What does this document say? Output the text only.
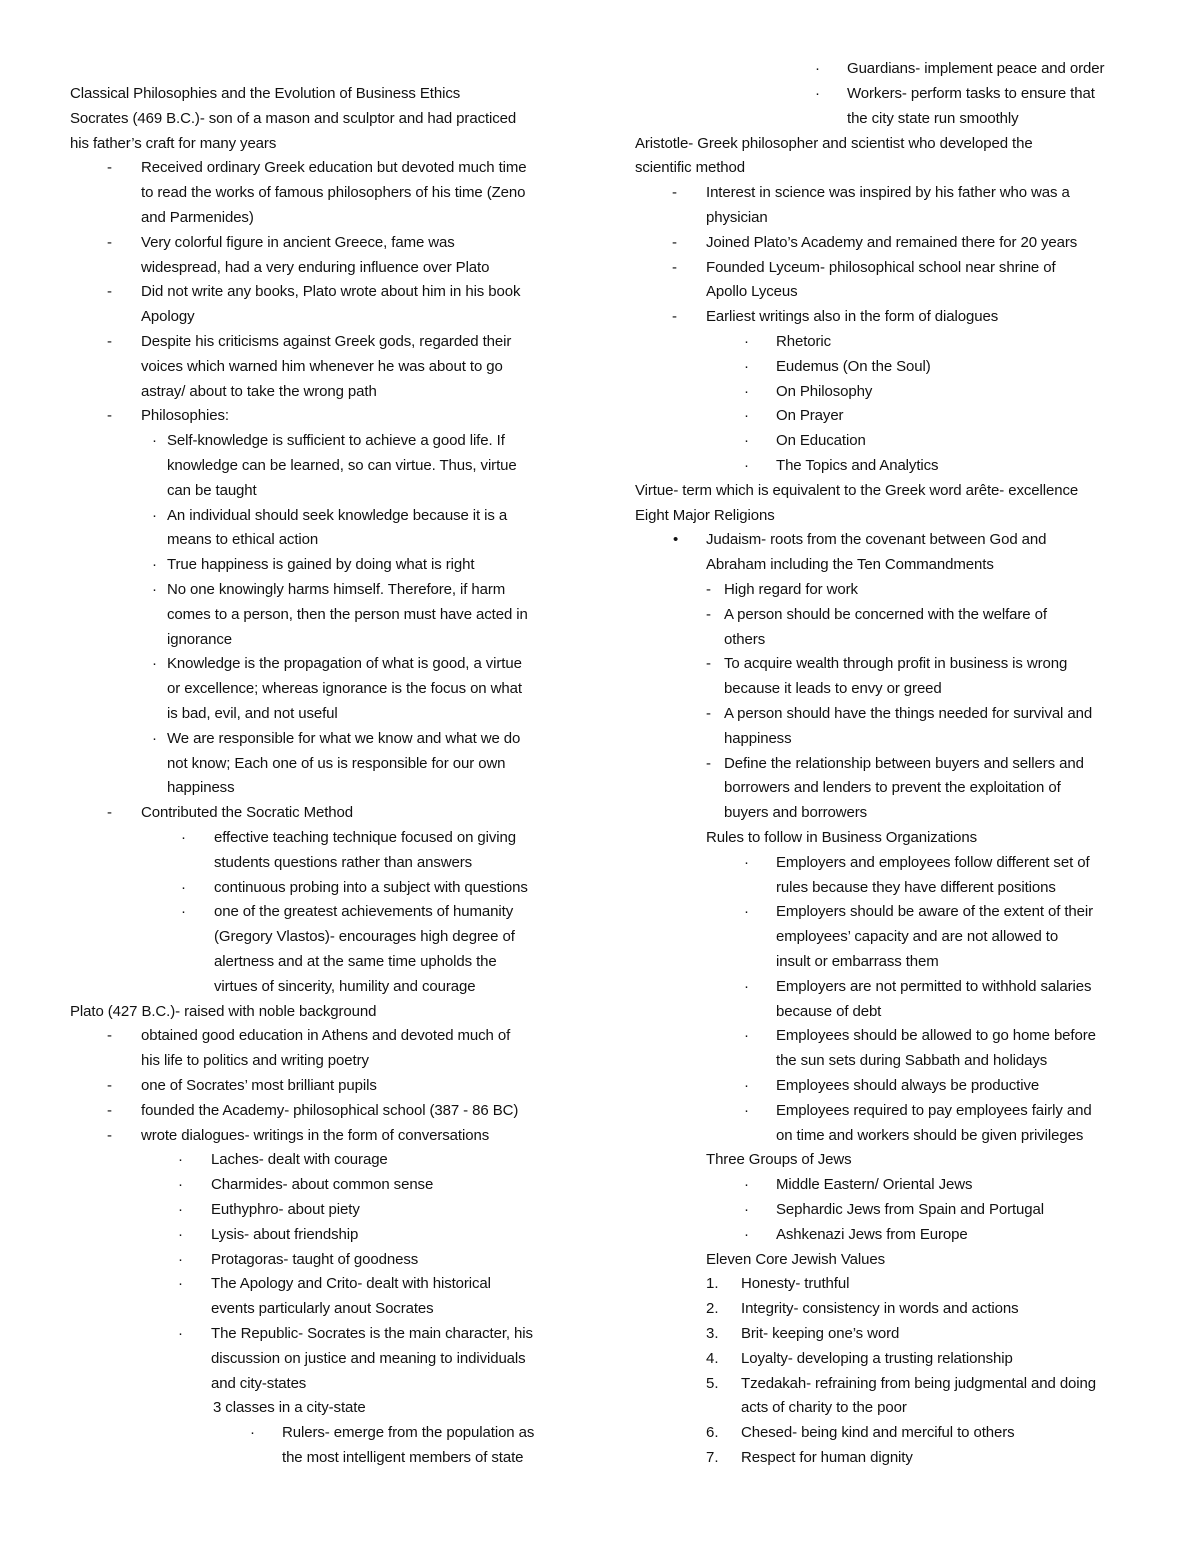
Classical Philosophies and the Evolution of Business Ethics
Socrates (469 B.C.)- son of a mason and sculptor and had practiced
his father’s craft for many years
- Received ordinary Greek education but devoted much time
to read the works of famous philosophers of his time (Zeno
and Parmenides)
- Very colorful figure in ancient Greece, fame was
widespread, had a very enduring influence over Plato
- Did not write any books, Plato wrote about him in his book
Apology
- Despite his criticisms against Greek gods, regarded their
voices which warned him whenever he was about to go
astray/ about to take the wrong path
- Philosophies:
· Self-knowledge is sufficient to achieve a good life. If
knowledge can be learned, so can virtue. Thus, virtue
can be taught
· An individual should seek knowledge because it is a
means to ethical action
· True happiness is gained by doing what is right
· No one knowingly harms himself. Therefore, if harm
comes to a person, then the person must have acted in
ignorance
· Knowledge is the propagation of what is good, a virtue
or excellence; whereas ignorance is the focus on what
is bad, evil, and not useful
· We are responsible for what we know and what we do
not know; Each one of us is responsible for our own
happiness
- Contributed the Socratic Method
· effective teaching technique focused on giving
students questions rather than answers
· continuous probing into a subject with questions
· one of the greatest achievements of humanity
(Gregory Vlastos)- encourages high degree of
alertness and at the same time upholds the
virtues of sincerity, humility and courage
Plato (427 B.C.)- raised with noble background
- obtained good education in Athens and devoted much of
his life to politics and writing poetry
- one of Socrates’ most brilliant pupils
- founded the Academy- philosophical school (387 - 86 BC)
- wrote dialogues- writings in the form of conversations
· Laches- dealt with courage
· Charmides- about common sense
· Euthyphro- about piety
· Lysis- about friendship
· Protagoras- taught of goodness
· The Apology and Crito- dealt with historical
events particularly anout Socrates
· The Republic- Socrates is the main character, his
discussion on justice and meaning to individuals
and city-states
3 classes in a city-state
· Rulers- emerge from the population as
the most intelligent members of state
· Guardians- implement peace and order
· Workers- perform tasks to ensure that
the city state run smoothly
Aristotle- Greek philosopher and scientist who developed the
scientific method
- Interest in science was inspired by his father who was a
physician
- Joined Plato’s Academy and remained there for 20 years
- Founded Lyceum- philosophical school near shrine of
Apollo Lyceus
- Earliest writings also in the form of dialogues
· Rhetoric
· Eudemus (On the Soul)
· On Philosophy
· On Prayer
· On Education
· The Topics and Analytics
Virtue- term which is equivalent to the Greek word arête- excellence
Eight Major Religions
• Judaism- roots from the covenant between God and
Abraham including the Ten Commandments
- High regard for work
- A person should be concerned with the welfare of
others
- To acquire wealth through profit in business is wrong
because it leads to envy or greed
- A person should have the things needed for survival and
happiness
- Define the relationship between buyers and sellers and
borrowers and lenders to prevent the exploitation of
buyers and borrowers
Rules to follow in Business Organizations
· Employers and employees follow different set of
rules because they have different positions
· Employers should be aware of the extent of their
employees’ capacity and are not allowed to
insult or embarrass them
· Employers are not permitted to withhold salaries
because of debt
· Employees should be allowed to go home before
the sun sets during Sabbath and holidays
· Employees should always be productive
· Employees required to pay employees fairly and
on time and workers should be given privileges
Three Groups of Jews
· Middle Eastern/ Oriental Jews
· Sephardic Jews from Spain and Portugal
· Ashkenazi Jews from Europe
Eleven Core Jewish Values
1. Honesty- truthful
2. Integrity- consistency in words and actions
3. Brit- keeping one’s word
4. Loyalty- developing a trusting relationship
5. Tzedakah- refraining from being judgmental and doing
acts of charity to the poor
6. Chesed- being kind and merciful to others
7. Respect for human dignity
